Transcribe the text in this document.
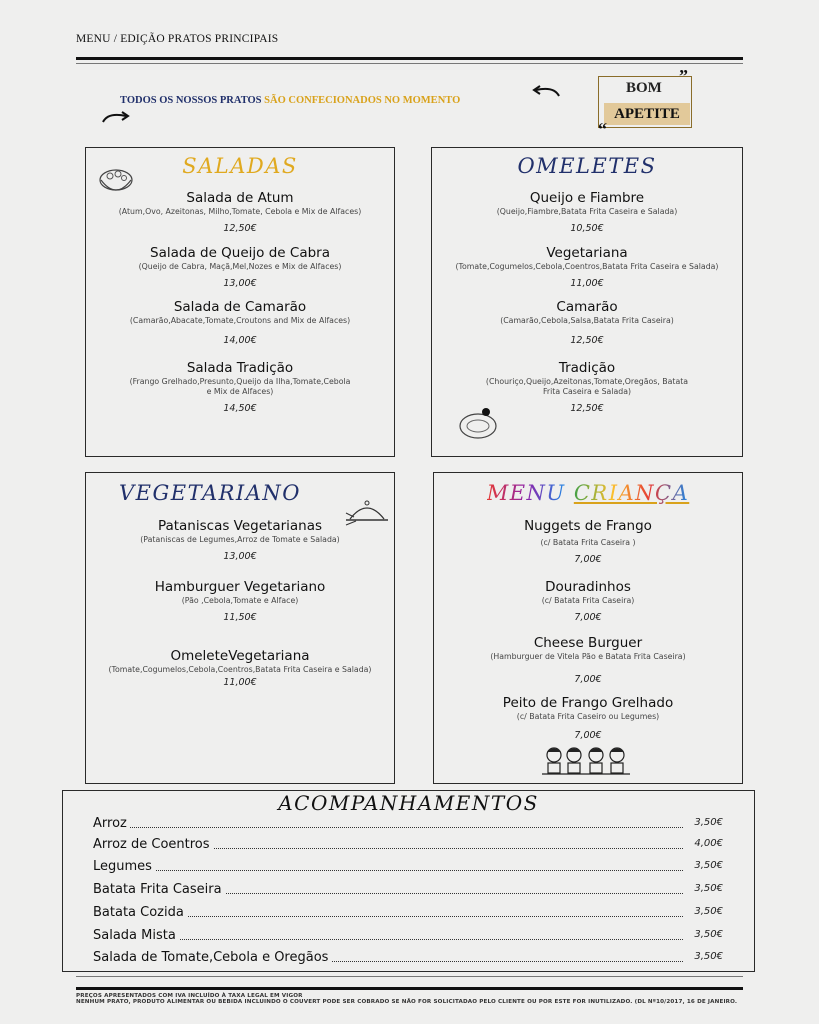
MENU / EDIÇÃO PRATOS PRINCIPAIS
TODOS OS NOSSOS PRATOS SÃO CONFECIONADOS NO MOMENTO
BOM
APETITE
”
“
SALADAS
Salada de Atum
(Atum,Ovo, Azeitonas, Milho,Tomate, Cebola e Mix de Alfaces)
12,50€
Salada de Queijo de Cabra
(Queijo de Cabra, Maçã,Mel,Nozes e Mix de Alfaces)
13,00€
Salada de Camarão
(Camarão,Abacate,Tomate,Croutons and Mix de Alfaces)
14,00€
Salada Tradição
(Frango Grelhado,Presunto,Queijo da Ilha,Tomate,Cebola e Mix de Alfaces)
14,50€
OMELETES
Queijo e Fiambre
(Queijo,Fiambre,Batata Frita Caseira e Salada)
10,50€
Vegetariana
(Tomate,Cogumelos,Cebola,Coentros,Batata Frita Caseira e Salada)
11,00€
Camarão
(Camarão,Cebola,Salsa,Batata Frita Caseira)
12,50€
Tradição
(Chouriço,Queijo,Azeitonas,Tomate,Oregãos, Batata Frita Caseira e Salada)
12,50€
VEGETARIANO
Pataniscas Vegetarianas
(Pataniscas de Legumes,Arroz de Tomate e Salada)
13,00€
Hamburguer Vegetariano
(Pão ,Cebola,Tomate e Alface)
11,50€
OmeleteVegetariana
(Tomate,Cogumelos,Cebola,Coentros,Batata Frita Caseira e Salada)
11,00€
MENU CRIANÇA
Nuggets de Frango
(c/ Batata Frita Caseira )
7,00€
Douradinhos
(c/ Batata Frita Caseira)
7,00€
Cheese Burguer
(Hamburguer de Vitela Pão e Batata Frita Caseira)
7,00€
Peito de Frango Grelhado
(c/ Batata Frita Caseiro ou Legumes)
7,00€
ACOMPANHAMENTOS
Arroz	3,50€
Arroz de Coentros	4,00€
Legumes	3,50€
Batata Frita Caseira	3,50€
Batata Cozida	3,50€
Salada Mista	3,50€
Salada de Tomate,Cebola e Oregãos	3,50€
PREÇOS APRESENTADOS COM IVA INCLUÍDO À TAXA LEGAL EM VIGOR
NENHUM PRATO, PRODUTO ALIMENTAR OU BEBIDA INCLUINDO O COUVERT PODE SER COBRADO SE NÃO FOR SOLICITADAO PELO CLIENTE OU POR ESTE FOR INUTILIZADO. (DL Nº10/2017, 16 DE JANEIRO.
